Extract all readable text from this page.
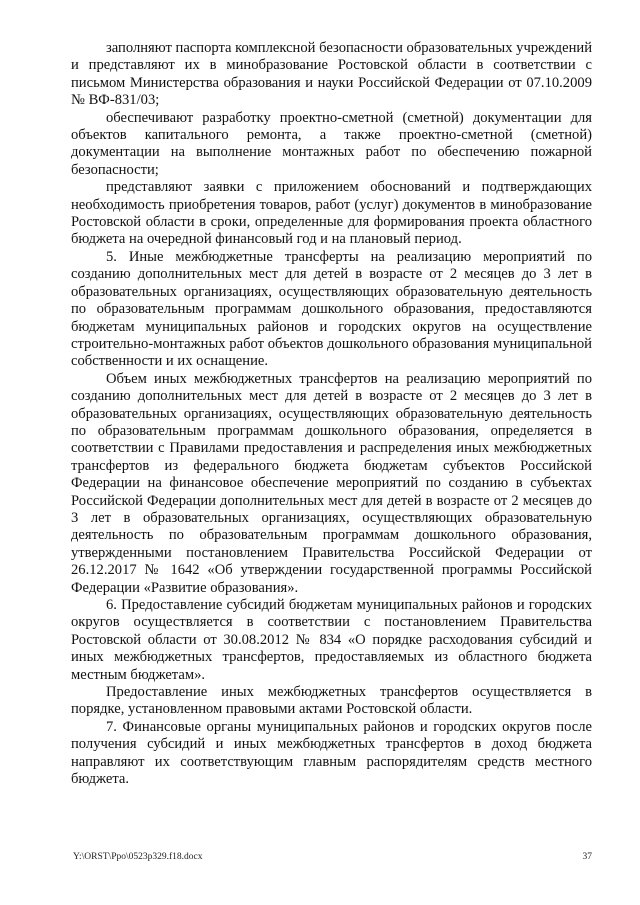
заполняют паспорта комплексной безопасности образовательных учреждений и представляют их в минобразование Ростовской области в соответствии с письмом Министерства образования и науки Российской Федерации от 07.10.2009 № ВФ-831/03;

обеспечивают разработку проектно-сметной (сметной) документации для объектов капитального ремонта, а также проектно-сметной (сметной) документации на выполнение монтажных работ по обеспечению пожарной безопасности;

представляют заявки с приложением обоснований и подтверждающих необходимость приобретения товаров, работ (услуг) документов в минобразование Ростовской области в сроки, определенные для формирования проекта областного бюджета на очередной финансовый год и на плановый период.

5. Иные межбюджетные трансферты на реализацию мероприятий по созданию дополнительных мест для детей в возрасте от 2 месяцев до 3 лет в образовательных организациях, осуществляющих образовательную деятельность по образовательным программам дошкольного образования, предоставляются бюджетам муниципальных районов и городских округов на осуществление строительно-монтажных работ объектов дошкольного образования муниципальной собственности и их оснащение.

Объем иных межбюджетных трансфертов на реализацию мероприятий по созданию дополнительных мест для детей в возрасте от 2 месяцев до 3 лет в образовательных организациях, осуществляющих образовательную деятельность по образовательным программам дошкольного образования, определяется в соответствии с Правилами предоставления и распределения иных межбюджетных трансфертов из федерального бюджета бюджетам субъектов Российской Федерации на финансовое обеспечение мероприятий по созданию в субъектах Российской Федерации дополнительных мест для детей в возрасте от 2 месяцев до 3 лет в образовательных организациях, осуществляющих образовательную деятельность по образовательным программам дошкольного образования, утвержденными постановлением Правительства Российской Федерации от 26.12.2017 № 1642 «Об утверждении государственной программы Российской Федерации «Развитие образования».

6. Предоставление субсидий бюджетам муниципальных районов и городских округов осуществляется в соответствии с постановлением Правительства Ростовской области от 30.08.2012 № 834 «О порядке расходования субсидий и иных межбюджетных трансфертов, предоставляемых из областного бюджета местным бюджетам».

Предоставление иных межбюджетных трансфертов осуществляется в порядке, установленном правовыми актами Ростовской области.

7. Финансовые органы муниципальных районов и городских округов после получения субсидий и иных межбюджетных трансфертов в доход бюджета направляют их соответствующим главным распорядителям средств местного бюджета.

Y:\ORST\Ppo\0523p329.f18.docx	37
